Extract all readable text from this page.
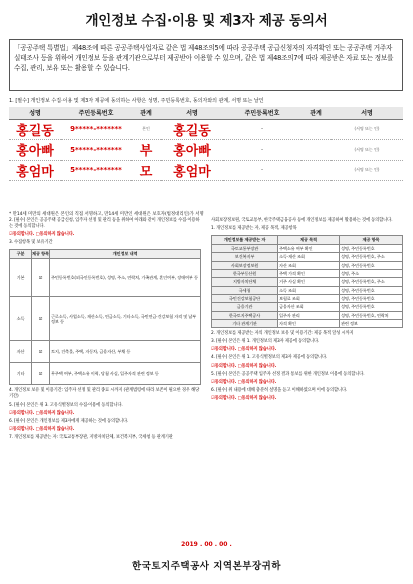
개인정보 수집·이용 및 제3자 제공 동의서
「공공주택 특별법」제48조에 따른 공공주택사업자로 같은 법 제48조의5에 따라 공공주택 공급신청자의 자격확인 또는 공공주택 거주자 실태조사 등을 위하여 개인정보 등을 관계기관으로부터 제공받아 이용할 수 있으며, 같은 법 제48조의7에 따라 제공받은 자료 또는 정보를 수집, 관리, 보유 또는 활용할 수 있습니다.
1. [필수] 개인정보 수집·이용 및 제3자 제공에 동의하는 사항은 성명, 주민등록번호, 동의자와의 관계, 서명 또는 날인
성명	주민등록번호	관계	서명	주민등록번호	관계	서명
홍길동	9*****-*******	본인	홍길동	-		(서명 또는 인)
홍아빠	5*****-*******	부	홍아빠	-		(서명 또는 인)
홍엄마	5*****-*******	모	홍엄마	-		(서명 또는 인)
* 만14세 미만의 세대원은 본인의 직접 서명하고, 만14세 미만인 세대원은 보호자(법정대리인)가 서명

2. [필수] 본인은 공공주택 공급신청, 입주자 선정 및 관리 등을 위하여 아래와 같이 개인정보를 수집·이용하는 것에 동의합니다.

☑동의합니다. □동의하지 않습니다.

3. 수집항목 및 보유기간

구분	제공 항목	개인정보 내역
기본	☑	주민등록번호(외국인등록번호), 성명, 주소, 연락처, 가족관계, 혼인여부, 장애여부 등
소득	☑	근로소득, 사업소득, 재산소득, 연금소득, 기타소득, 국민연금·건강보험 자격 및 납부 정보 등
자산	☑	토지, 건축물, 주택, 자동차, 금융자산, 부채 등
기타	☑	무주택 여부, 주택소유 이력, 당첨 사실, 입주자격 관련 정보 등

4. 개인정보 보유 및 이용기간: 입주자 선정 및 관리 종료 시까지 (관계법령에 따라 보존이 필요한 경우 해당 기간)

5. [필수] 본인은 위 3. 고유식별정보의 수집·이용에 동의합니다.

☑동의합니다. □동의하지 않습니다.

6. [필수] 본인은 개인정보를 제3자에게 제공하는 것에 동의합니다.

☑동의합니다. □동의하지 않습니다.

7. 개인정보를 제공받는 자: 국토교통부장관, 지방자치단체, 보건복지부, 국세청 등 관계기관

사회보장정보원, 국토교통부, 한국주택금융공사 등에 개인정보를 제공하여 활용하는 것에 동의합니다.

1. 개인정보를 제공받는 자, 제공 목적, 제공항목

개인정보를 제공받는 자	제공 목적	제공 항목
국토교통부장관	주택소유 여부 확인	성명, 주민등록번호
보건복지부	소득·재산 조회	성명, 주민등록번호, 주소
사회보장정보원	자산 조회	성명, 주민등록번호
한국부동산원	주택 가격 확인	성명, 주소
지방자치단체	거주 사실 확인	성명, 주민등록번호, 주소
국세청	소득 조회	성명, 주민등록번호
국민건강보험공단	보험료 조회	성명, 주민등록번호
금융기관	금융자산 조회	성명, 주민등록번호
한국토지주택공사	입주자 관리	성명, 주민등록번호, 연락처
기타 관계기관	자격 확인	관련 정보

2. 개인정보를 제공받는 자의 개인정보 보유 및 이용기간: 제공 목적 달성 시까지

3. [필수] 본인은 위 1. 개인정보의 제3자 제공에 동의합니다.

☑동의합니다. □동의하지 않습니다.

4. [필수] 본인은 위 1. 고유식별정보의 제3자 제공에 동의합니다.

☑동의합니다. □동의하지 않습니다.

5. [필수] 본인은 공공주택 입주자 선정 결과 통보를 위한 개인정보 이용에 동의합니다.

☑동의합니다. □동의하지 않습니다.

6. [필수] 위 내용에 대해 충분히 설명을 듣고 이해하였으며 이에 동의합니다.

☑동의합니다. □동의하지 않습니다.

2019 . 00 . 00 .
한국토지주택공사 지역본부장귀하
